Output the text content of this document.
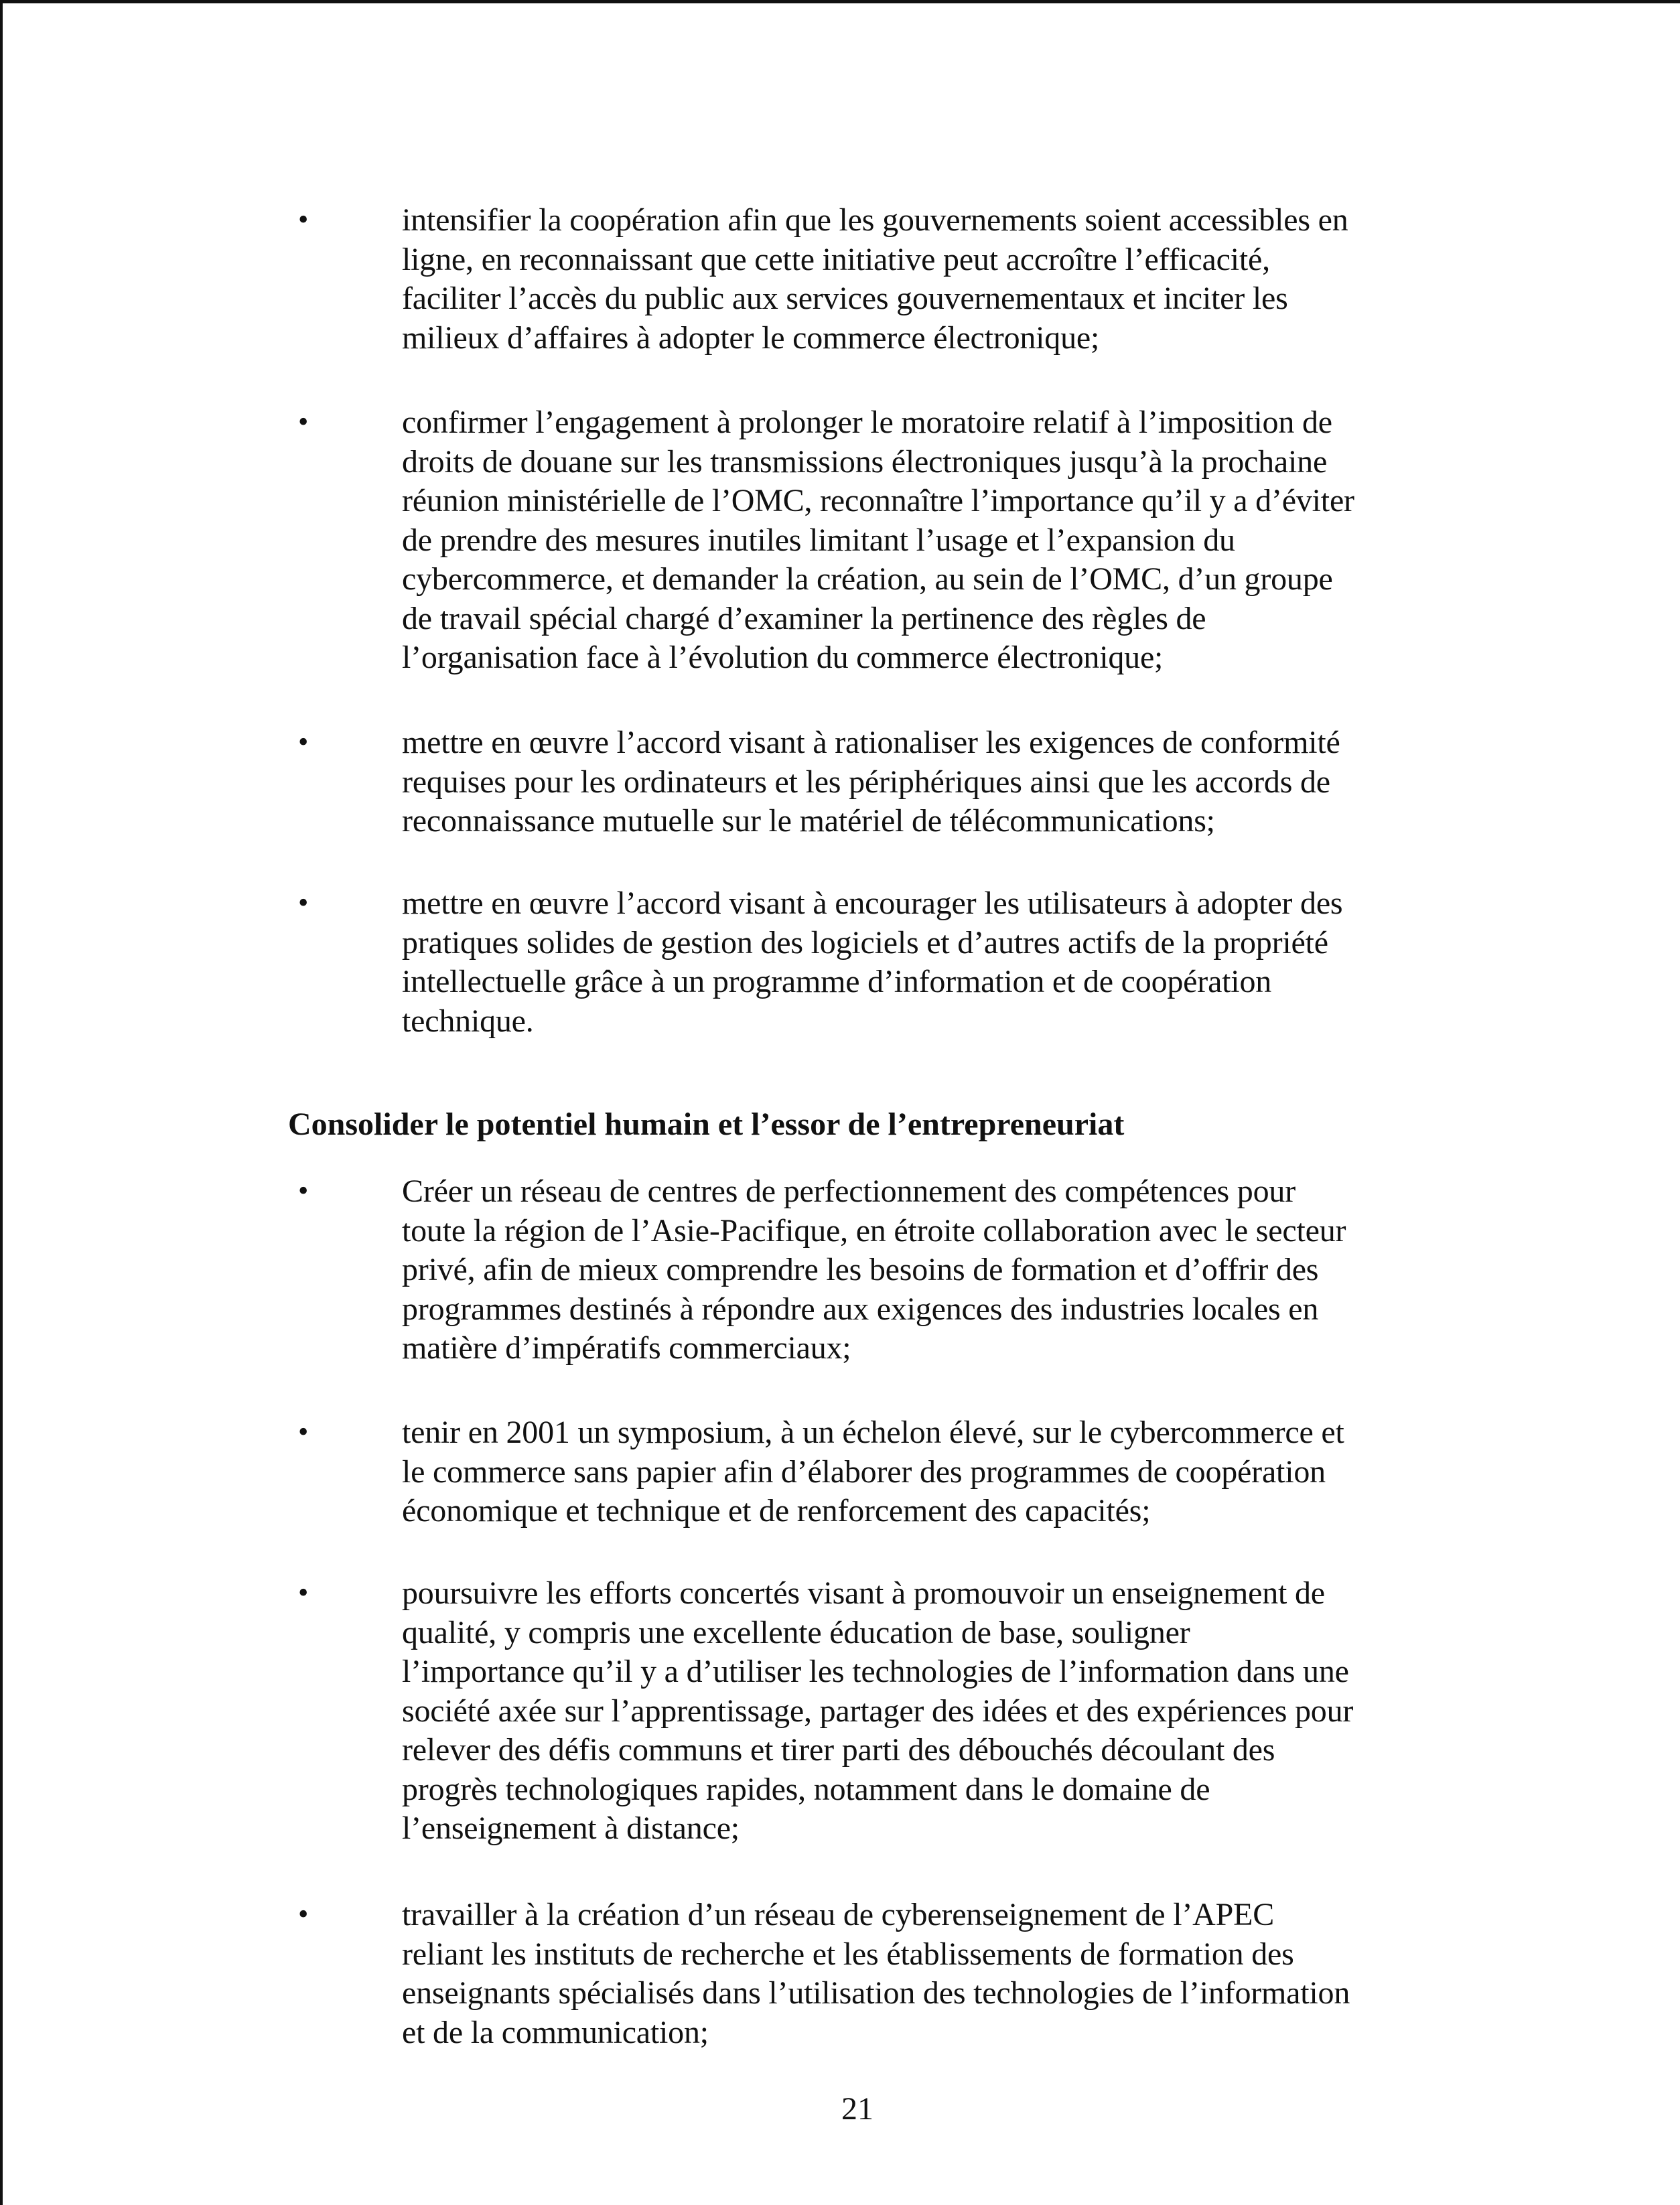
•	intensifier la coopération afin que les gouvernements soient accessibles en
ligne, en reconnaissant que cette initiative peut accroître l’efficacité,
faciliter l’accès du public aux services gouvernementaux et inciter les
milieux d’affaires à adopter le commerce électronique;
•	confirmer l’engagement à prolonger le moratoire relatif à l’imposition de
droits de douane sur les transmissions électroniques jusqu’à la prochaine
réunion ministérielle de l’OMC, reconnaître l’importance qu’il y a d’éviter
de prendre des mesures inutiles limitant l’usage et l’expansion du
cybercommerce, et demander la création, au sein de l’OMC, d’un groupe
de travail spécial chargé d’examiner la pertinence des règles de
l’organisation face à l’évolution du commerce électronique;
•	mettre en œuvre l’accord visant à rationaliser les exigences de conformité
requises pour les ordinateurs et les périphériques ainsi que les accords de
reconnaissance mutuelle sur le matériel de télécommunications;
•	mettre en œuvre l’accord visant à encourager les utilisateurs à adopter des
pratiques solides de gestion des logiciels et d’autres actifs de la propriété
intellectuelle grâce à un programme d’information et de coopération
technique.
Consolider le potentiel humain et l’essor de l’entrepreneuriat
•	Créer un réseau de centres de perfectionnement des compétences pour
toute la région de l’Asie-Pacifique, en étroite collaboration avec le secteur
privé, afin de mieux comprendre les besoins de formation et d’offrir des
programmes destinés à répondre aux exigences des industries locales en
matière d’impératifs commerciaux;
•	tenir en 2001 un symposium, à un échelon élevé, sur le cybercommerce et
le commerce sans papier afin d’élaborer des programmes de coopération
économique et technique et de renforcement des capacités;
•	poursuivre les efforts concertés visant à promouvoir un enseignement de
qualité, y compris une excellente éducation de base, souligner
l’importance qu’il y a d’utiliser les technologies de l’information dans une
société axée sur l’apprentissage, partager des idées et des expériences pour
relever des défis communs et tirer parti des débouchés découlant des
progrès technologiques rapides, notamment dans le domaine de
l’enseignement à distance;
•	travailler à la création d’un réseau de cyberenseignement de l’APEC
reliant les instituts de recherche et les établissements de formation des
enseignants spécialisés dans l’utilisation des technologies de l’information
et de la communication;
21
